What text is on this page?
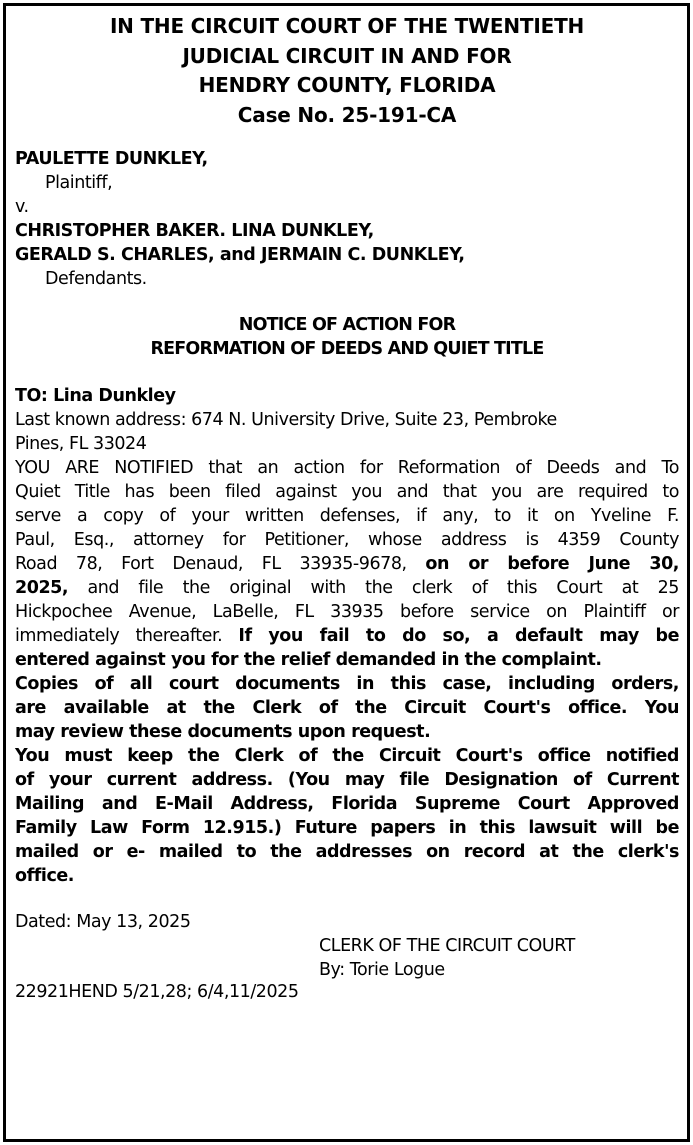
IN THE CIRCUIT COURT OF THE TWENTIETH
JUDICIAL CIRCUIT IN AND FOR
HENDRY COUNTY, FLORIDA
Case No. 25-191-CA
PAULETTE DUNKLEY,
Plaintiff,
v.
CHRISTOPHER BAKER. LINA DUNKLEY,
GERALD S. CHARLES, and JERMAIN C. DUNKLEY,
Defendants.
NOTICE OF ACTION FOR
REFORMATION OF DEEDS AND QUIET TITLE
TO: Lina Dunkley
Last known address: 674 N. University Drive, Suite 23, Pembroke
Pines, FL 33024
YOU ARE NOTIFIED that an action for Reformation of Deeds and To
Quiet Title has been filed against you and that you are required to
serve a copy of your written defenses, if any, to it on Yveline F.
Paul, Esq., attorney for Petitioner, whose address is 4359 County
Road 78, Fort Denaud, FL 33935-9678, on or before June 30,
2025, and file the original with the clerk of this Court at 25
Hickpochee Avenue, LaBelle, FL 33935 before service on Plaintiff or
immediately thereafter. If you fail to do so, a default may be
entered against you for the relief demanded in the complaint.
Copies of all court documents in this case, including orders,
are available at the Clerk of the Circuit Court's office. You
may review these documents upon request.
You must keep the Clerk of the Circuit Court's office notified
of your current address. (You may file Designation of Current
Mailing and E-Mail Address, Florida Supreme Court Approved
Family Law Form 12.915.) Future papers in this lawsuit will be
mailed or e- mailed to the addresses on record at the clerk's
office.
Dated: May 13, 2025
CLERK OF THE CIRCUIT COURT
By: Torie Logue
22921HEND 5/21,28; 6/4,11/2025
